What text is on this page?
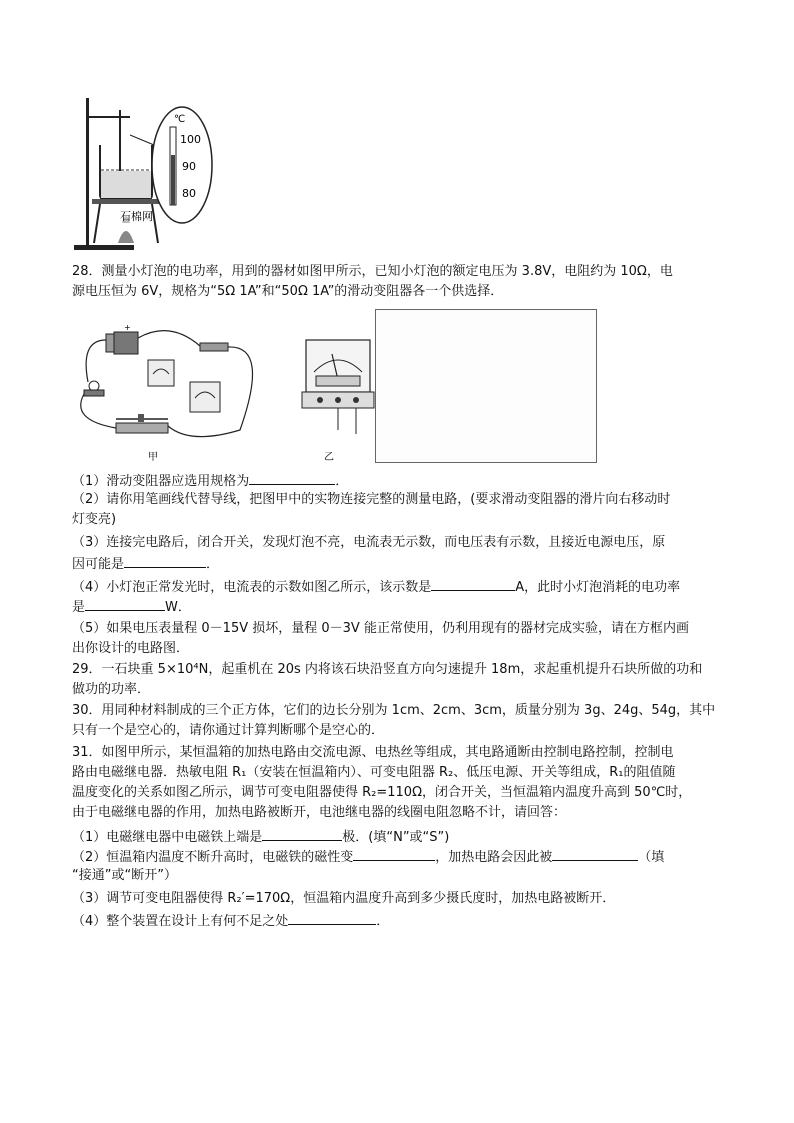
℃
100
90
80
石棉网
28．测量小灯泡的电功率，用到的器材如图甲所示，已知小灯泡的额定电压为 3.8V，电阻约为 10Ω，电
源电压恒为 6V，规格为“5Ω 1A”和“50Ω 1A”的滑动变阻器各一个供选择．
+
甲	乙
（1）滑动变阻器应选用规格为	．
（2）请你用笔画线代替导线，把图甲中的实物连接完整的测量电路，(要求滑动变阻器的滑片向右移动时
灯变亮)
（3）连接完电路后，闭合开关，发现灯泡不亮，电流表无示数，而电压表有示数，且接近电源电压，原
因可能是	．
（4）小灯泡正常发光时，电流表的示数如图乙所示，该示数是	A，此时小灯泡消耗的电功率
是	W．
（5）如果电压表量程 0－15V 损坏，量程 0－3V 能正常使用，仍利用现有的器材完成实验，请在方框内画
出你设计的电路图．
29．一石块重 5×10⁴N，起重机在 20s 内将该石块沿竖直方向匀速提升 18m，求起重机提升石块所做的功和
做功的功率．
30．用同种材料制成的三个正方体，它们的边长分别为 1cm、2cm、3cm，质量分别为 3g、24g、54g，其中
只有一个是空心的，请你通过计算判断哪个是空心的．
31．如图甲所示，某恒温箱的加热电路由交流电源、电热丝等组成，其电路通断由控制电路控制，控制电
路由电磁继电器．热敏电阻 R₁（安装在恒温箱内）、可变电阻器 R₂、低压电源、开关等组成，R₁的阻值随
温度变化的关系如图乙所示，调节可变电阻器使得 R₂=110Ω，闭合开关，当恒温箱内温度升高到 50℃时，
由于电磁继电器的作用，加热电路被断开，电池继电器的线圈电阻忽略不计，请回答：
（1）电磁继电器中电磁铁上端是	极．(填“N”或“S”)
（2）恒温箱内温度不断升高时，电磁铁的磁性变	，加热电路会因此被	（填
“接通”或“断开”）
（3）调节可变电阻器使得 R₂′=170Ω，恒温箱内温度升高到多少摄氏度时，加热电路被断开．
（4）整个装置在设计上有何不足之处	．
